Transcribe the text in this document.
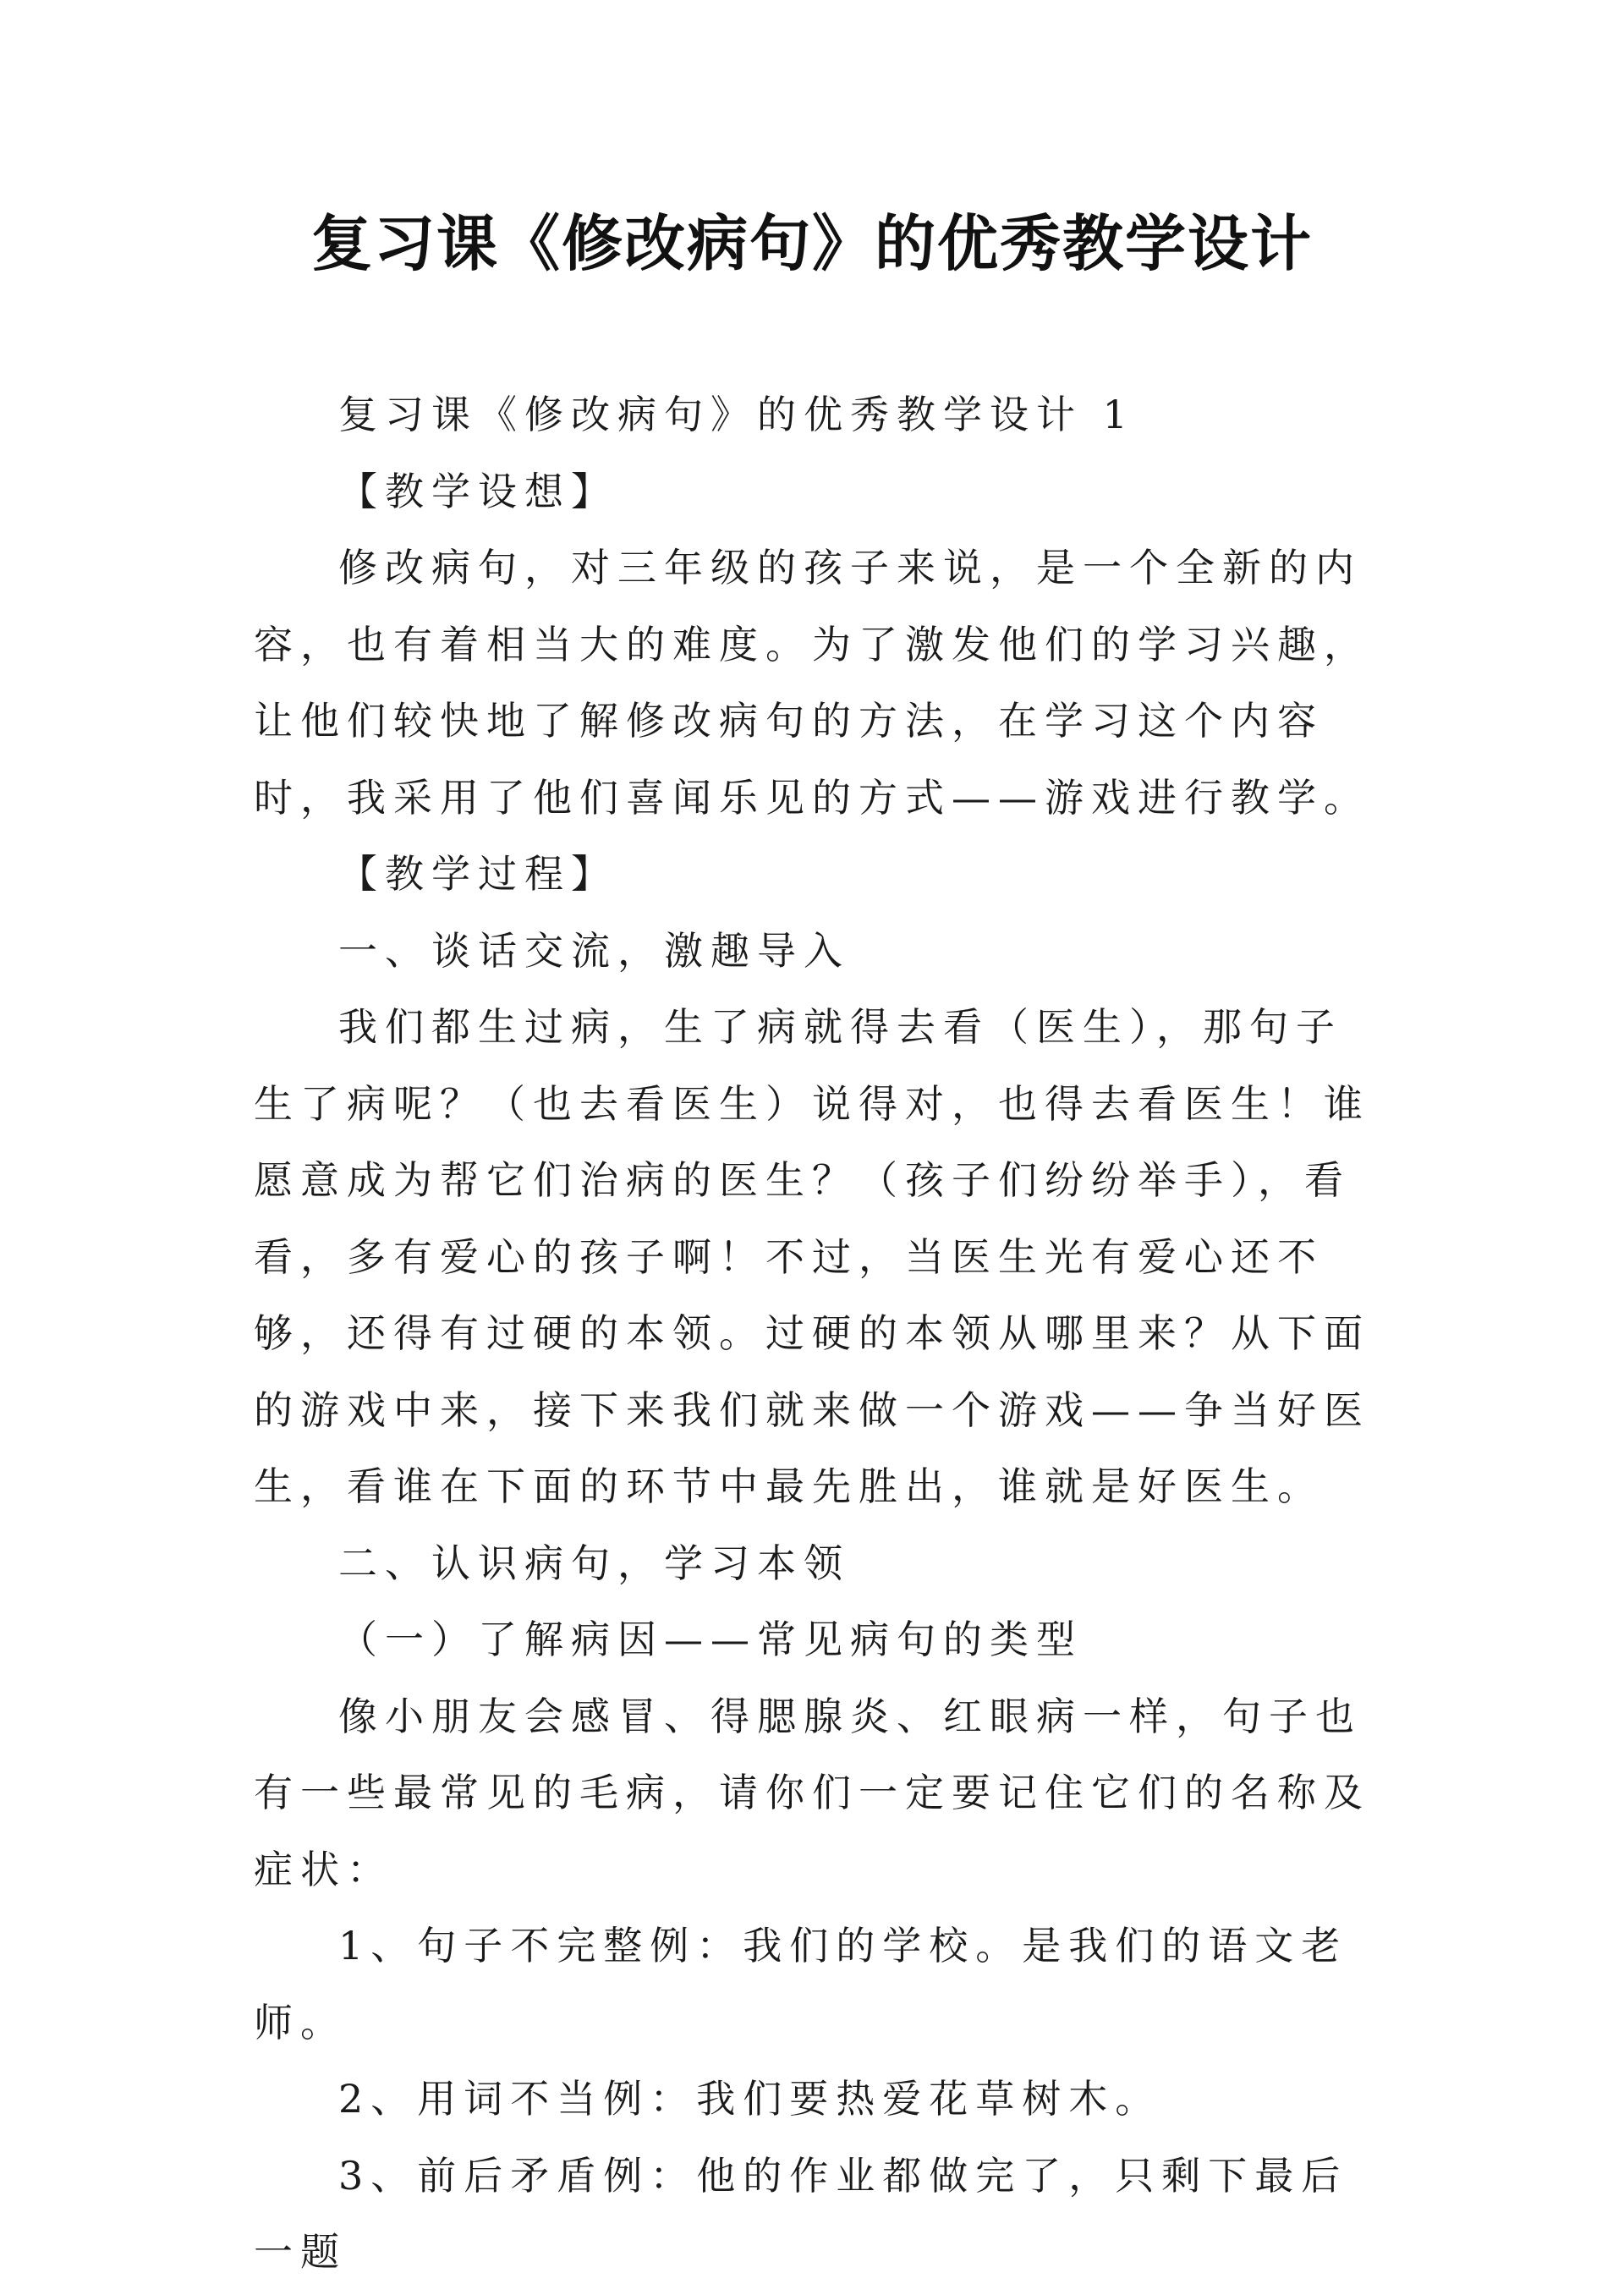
复习课《修改病句》的优秀教学设计

复习课《修改病句》的优秀教学设计 1

【教学设想】

修改病句，对三年级的孩子来说，是一个全新的内容，也有着相当大的难度。为了激发他们的学习兴趣，让他们较快地了解修改病句的方法，在学习这个内容时，我采用了他们喜闻乐见的方式——游戏进行教学。

【教学过程】

一、谈话交流，激趣导入

我们都生过病，生了病就得去看（医生），那句子生了病呢？（也去看医生）说得对，也得去看医生！谁愿意成为帮它们治病的医生？（孩子们纷纷举手），看看，多有爱心的孩子啊！不过，当医生光有爱心还不够，还得有过硬的本领。过硬的本领从哪里来？从下面的游戏中来，接下来我们就来做一个游戏——争当好医生，看谁在下面的环节中最先胜出，谁就是好医生。

二、认识病句，学习本领

（一）了解病因——常见病句的类型

像小朋友会感冒、得腮腺炎、红眼病一样，句子也有一些最常见的毛病，请你们一定要记住它们的名称及症状：

1、句子不完整例：我们的学校。是我们的语文老师。

2、用词不当例：我们要热爱花草树木。

3、前后矛盾例：他的作业都做完了，只剩下最后一题
